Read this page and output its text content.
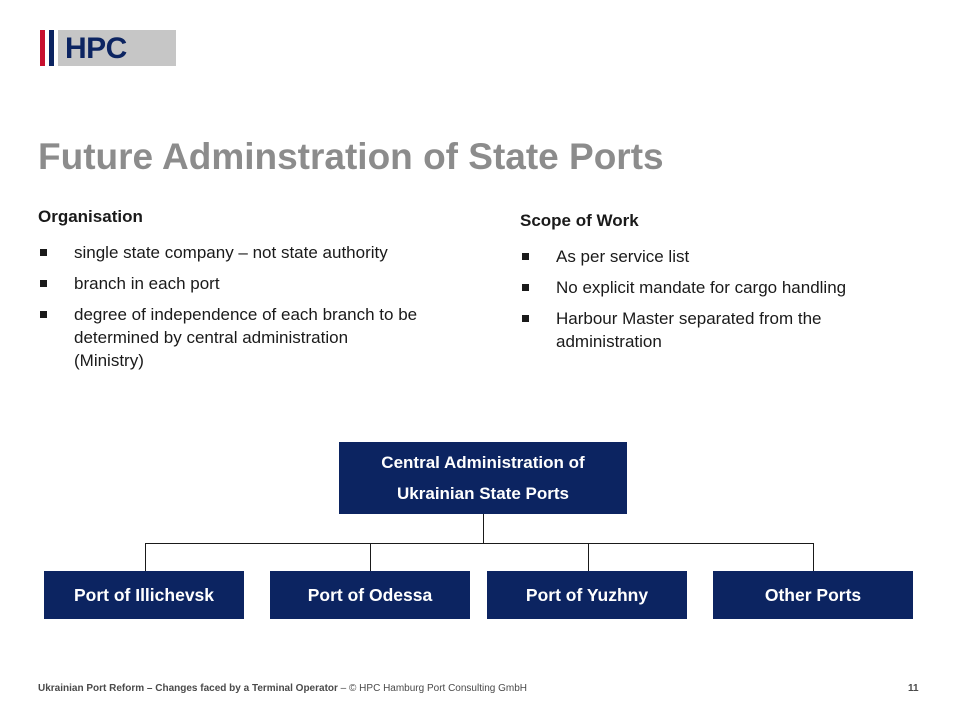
HPC
Future Adminstration of State Ports
Organisation
single state company – not state authority
branch in each port
degree of independence of each branch to be determined by central administration (Ministry)
Scope of Work
As per service list
No explicit mandate for cargo handling
Harbour Master separated from the administration
Central Administration of
Ukrainian State Ports
Port of Illichevsk	Port of Odessa	Port of Yuzhny	Other Ports
Ukrainian Port Reform – Changes faced by a Terminal Operator – © HPC Hamburg Port Consulting GmbH	11
